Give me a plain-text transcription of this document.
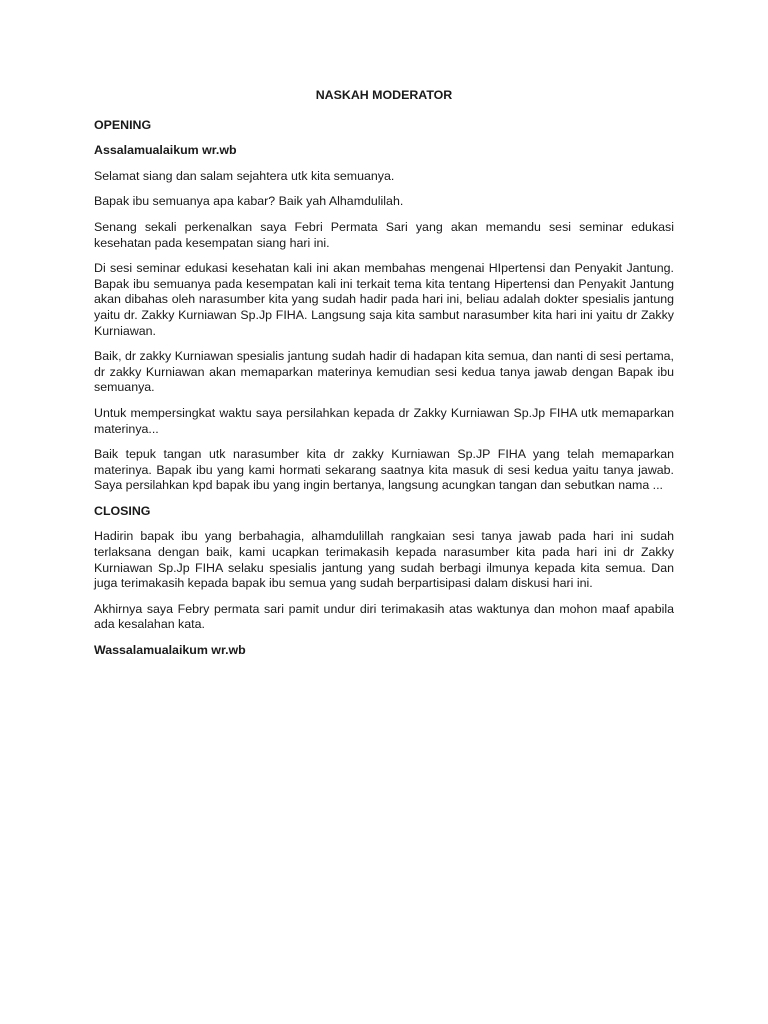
NASKAH MODERATOR

OPENING

Assalamualaikum wr.wb

Selamat siang dan salam sejahtera utk kita semuanya.

Bapak ibu semuanya apa kabar? Baik yah Alhamdulilah.

Senang sekali perkenalkan saya Febri Permata Sari yang akan memandu sesi seminar edukasi kesehatan pada kesempatan siang hari ini.

Di sesi seminar edukasi kesehatan kali ini akan membahas mengenai HIpertensi dan Penyakit Jantung. Bapak ibu semuanya pada kesempatan kali ini terkait tema kita tentang Hipertensi dan Penyakit Jantung akan dibahas oleh narasumber kita yang sudah hadir pada hari ini, beliau adalah dokter spesialis jantung yaitu dr. Zakky Kurniawan Sp.Jp FIHA. Langsung saja kita sambut narasumber kita hari ini yaitu dr Zakky Kurniawan.

Baik, dr zakky Kurniawan spesialis jantung sudah hadir di hadapan kita semua, dan nanti di sesi pertama, dr zakky Kurniawan akan memaparkan materinya kemudian sesi kedua tanya jawab dengan Bapak ibu semuanya.

Untuk mempersingkat waktu saya persilahkan kepada dr Zakky Kurniawan Sp.Jp FIHA utk memaparkan materinya...

Baik tepuk tangan utk narasumber kita dr zakky Kurniawan Sp.JP FIHA yang telah memaparkan materinya. Bapak ibu yang kami hormati sekarang saatnya kita masuk di sesi kedua yaitu tanya jawab. Saya persilahkan kpd bapak ibu yang ingin bertanya, langsung acungkan tangan dan sebutkan nama ...

CLOSING

Hadirin bapak ibu yang berbahagia, alhamdulillah rangkaian sesi tanya jawab pada hari ini sudah terlaksana dengan baik, kami ucapkan terimakasih kepada narasumber kita pada hari ini dr Zakky Kurniawan Sp.Jp FIHA selaku spesialis jantung yang sudah berbagi ilmunya kepada kita semua. Dan juga terimakasih kepada bapak ibu semua yang sudah berpartisipasi dalam diskusi hari ini.

Akhirnya saya Febry permata sari pamit undur diri terimakasih atas waktunya dan mohon maaf apabila ada kesalahan kata.

Wassalamualaikum wr.wb
